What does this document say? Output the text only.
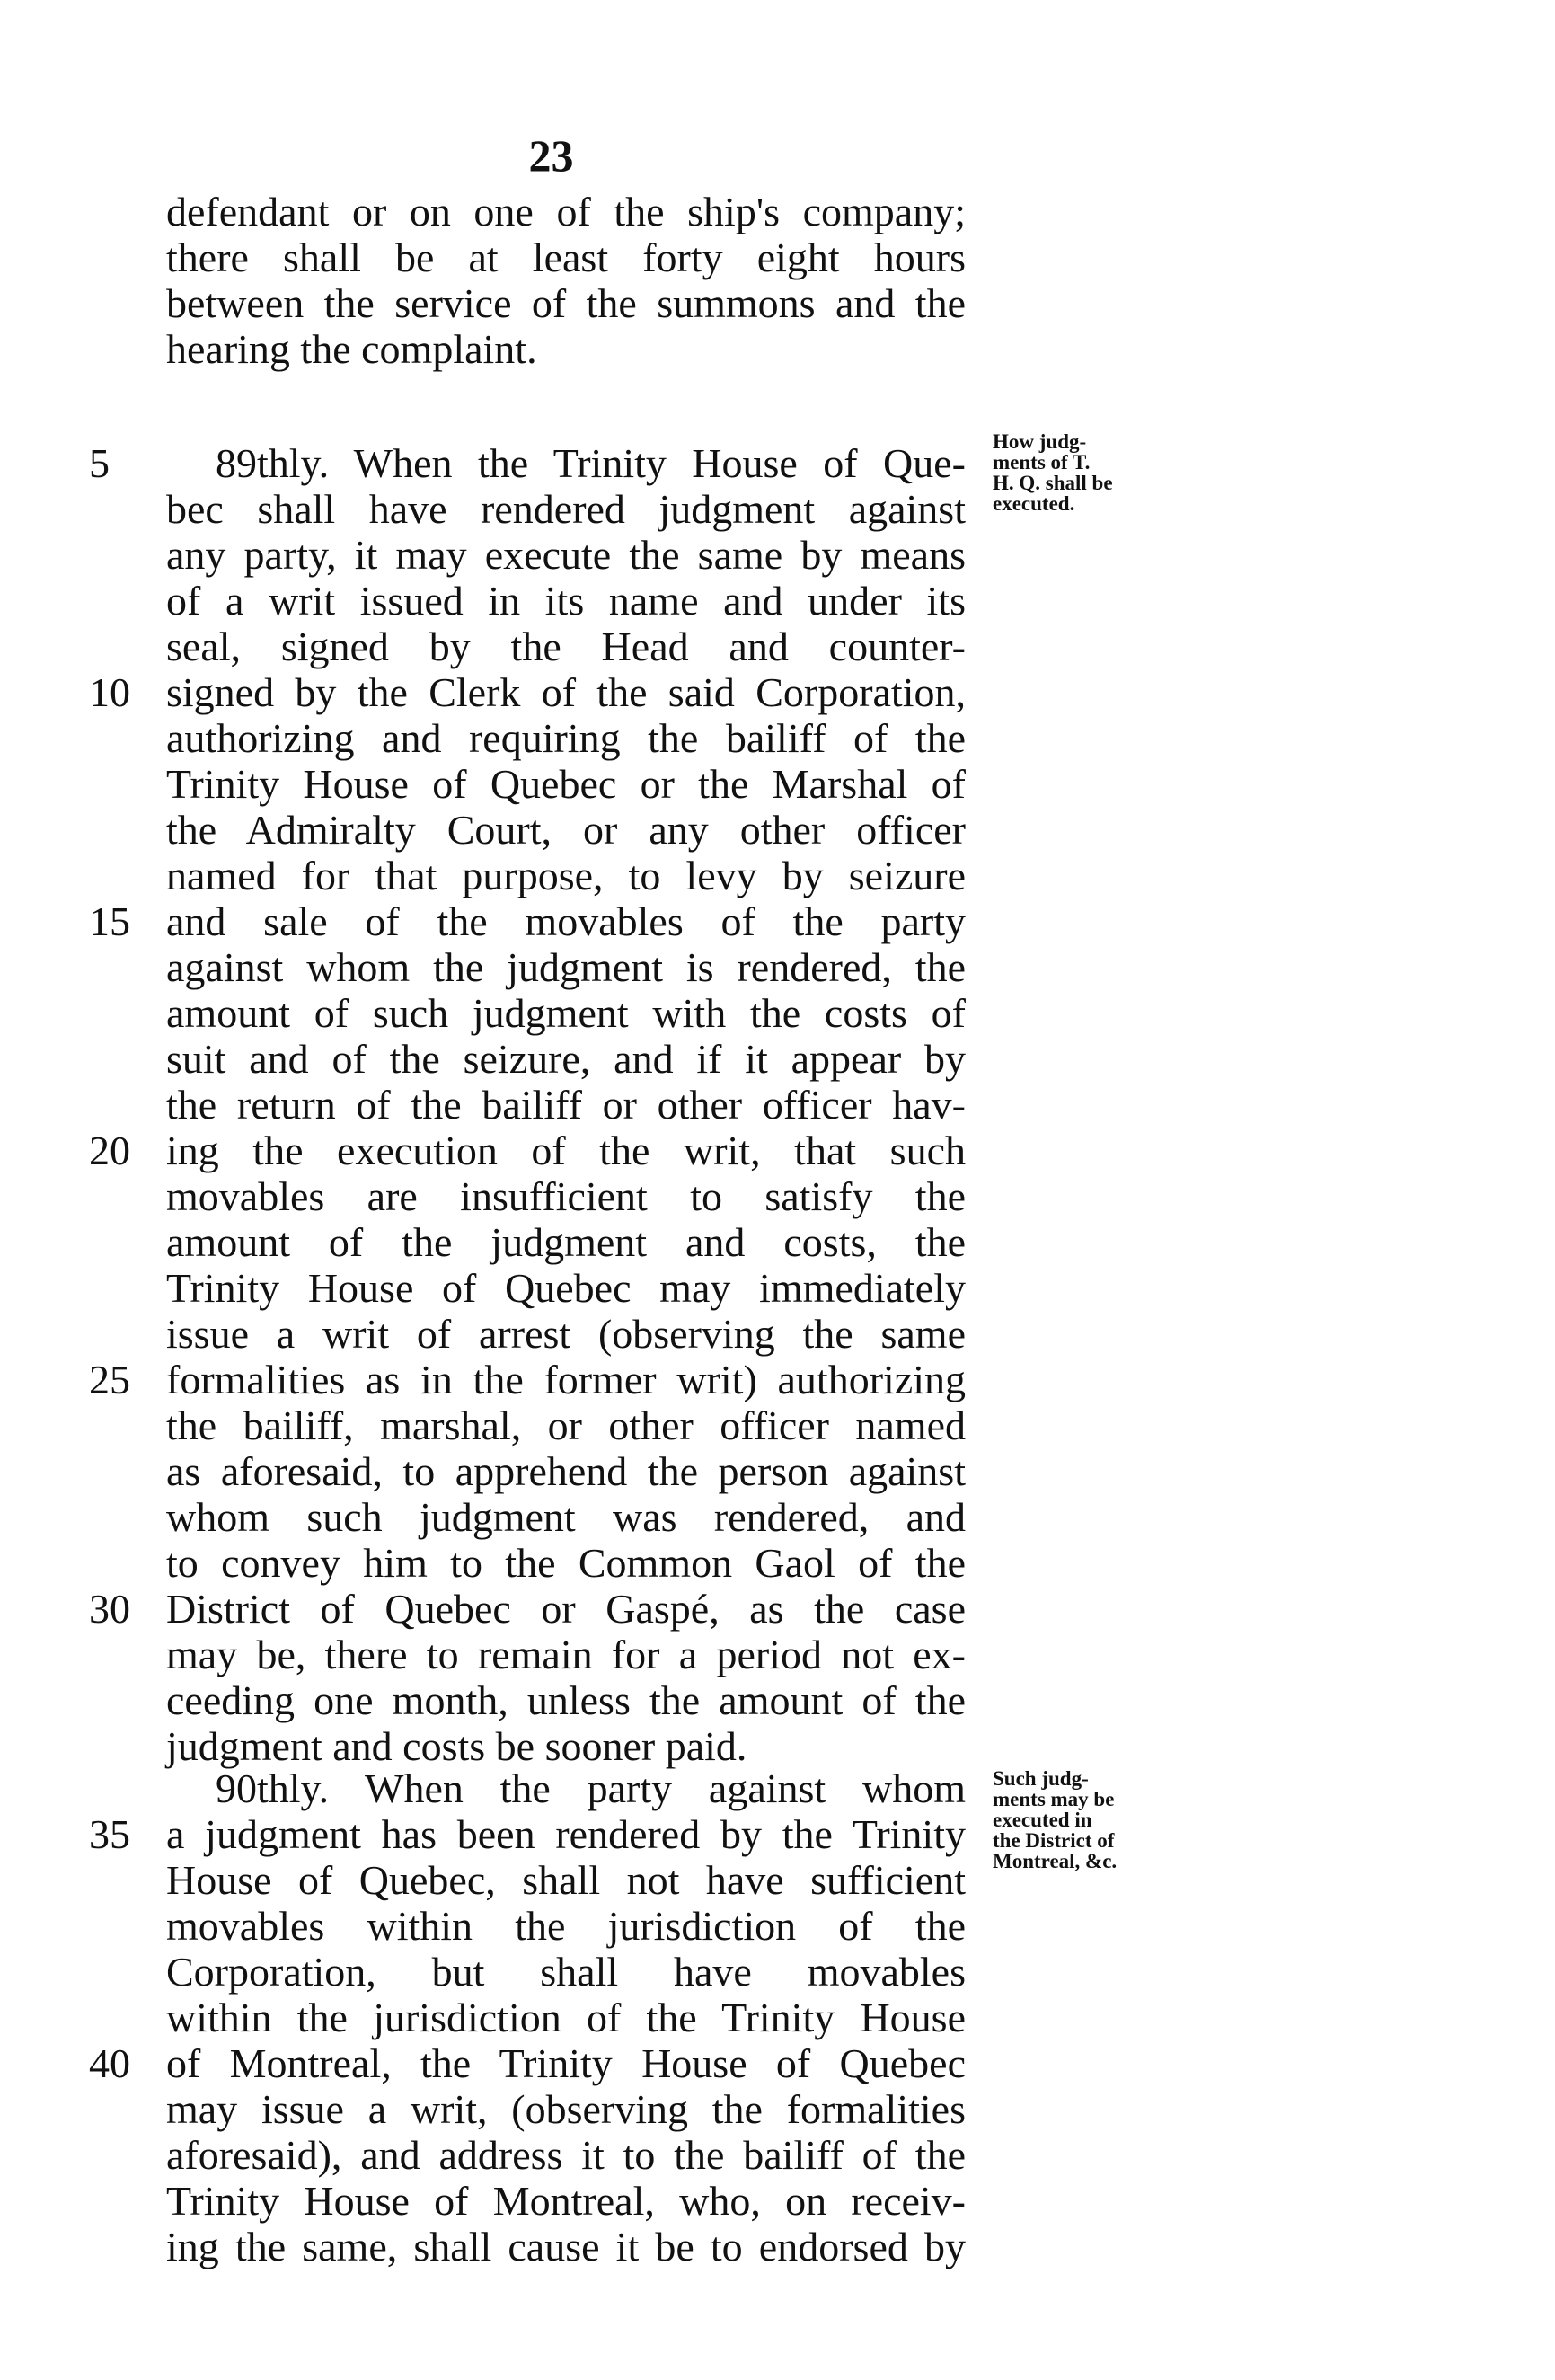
23
defendant or on one of the ship's company;
there shall be at least forty eight hours
between the service of the summons and the
hearing the complaint.
5	89thly. When the Trinity House of Que-
bec shall have rendered judgment against
any party, it may execute the same by means
of a writ issued in its name and under its
seal, signed by the Head and counter-
10 signed by the Clerk of the said Corporation,
authorizing and requiring the bailiff of the
Trinity House of Quebec or the Marshal of
the Admiralty Court, or any other officer
named for that purpose, to levy by seizure
15 and sale of the movables of the party
against whom the judgment is rendered, the
amount of such judgment with the costs of
suit and of the seizure, and if it appear by
the return of the bailiff or other officer hav-
20 ing the execution of the writ, that such
movables are insufficient to satisfy the
amount of the judgment and costs, the
Trinity House of Quebec may immediately
issue a writ of arrest (observing the same
25 formalities as in the former writ) authorizing
the bailiff, marshal, or other officer named
as aforesaid, to apprehend the person against
whom such judgment was rendered, and
to convey him to the Common Gaol of the
30 District of Quebec or Gaspé, as the case
may be, there to remain for a period not ex-
ceeding one month, unless the amount of the
judgment and costs be sooner paid.
How judg-
ments of T.
H. Q. shall be
executed.
90thly. When the party against whom
35 a judgment has been rendered by the Trinity
House of Quebec, shall not have sufficient
movables within the jurisdiction of the
Corporation, but shall have movables
within the jurisdiction of the Trinity House
40 of Montreal, the Trinity House of Quebec
may issue a writ, (observing the formalities
aforesaid), and address it to the bailiff of the
Trinity House of Montreal, who, on receiv-
ing the same, shall cause it be to endorsed by
Such judg-
ments may be
executed in
the District of
Montreal, &c.
